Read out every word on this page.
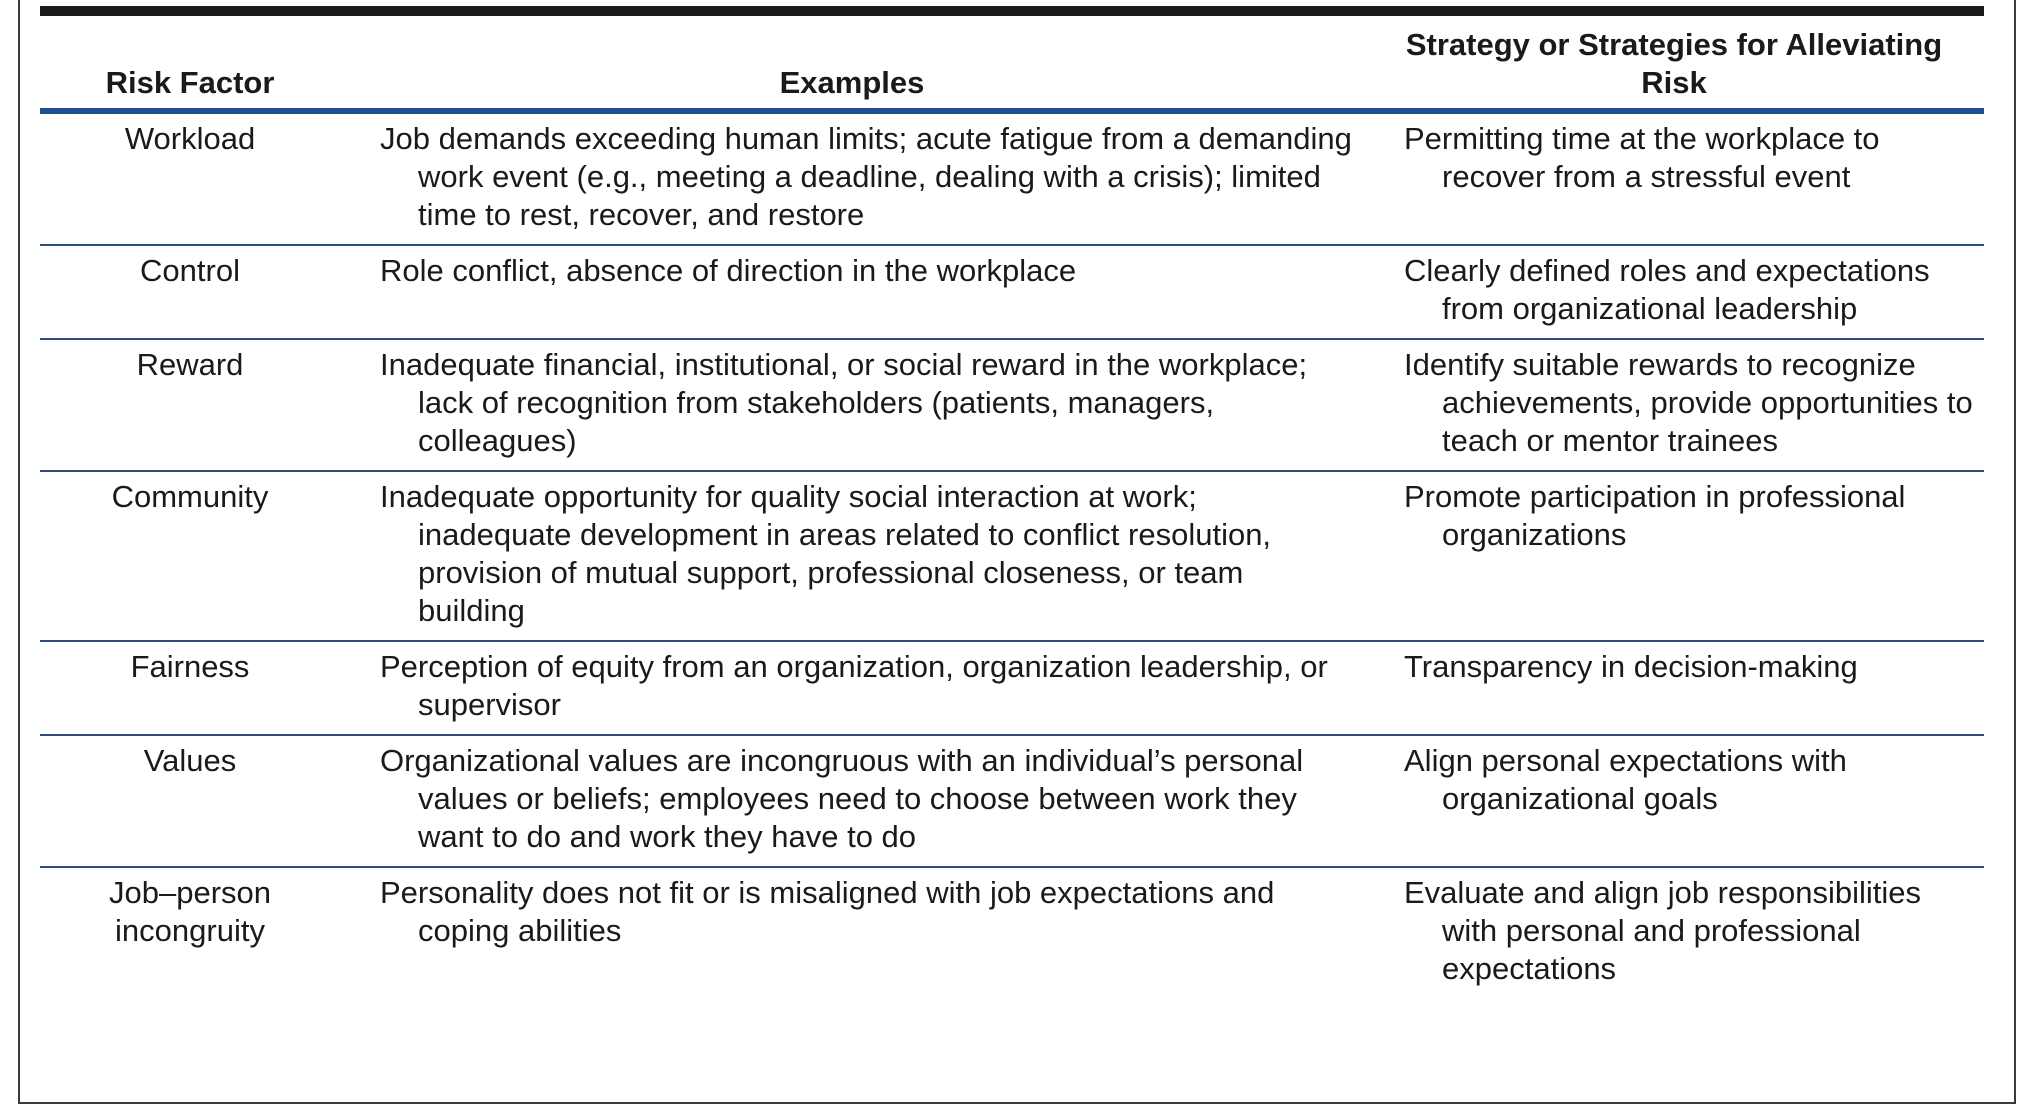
Risk Factor	Examples	Strategy or Strategies for Alleviating Risk
Workload	Job demands exceeding human limits; acute fatigue from a demanding work event (e.g., meeting a deadline, dealing with a crisis); limited time to rest, recover, and restore	Permitting time at the workplace to recover from a stressful event

Control	Role conflict, absence of direction in the workplace	Clearly defined roles and expectations from organizational leadership

Reward	Inadequate financial, institutional, or social reward in the workplace; lack of recognition from stakeholders (patients, managers, colleagues)	Identify suitable rewards to recognize achievements, provide opportunities to teach or mentor trainees

Community	Inadequate opportunity for quality social interaction at work; inadequate development in areas related to conflict resolution, provision of mutual support, professional closeness, or team building	Promote participation in professional organizations

Fairness	Perception of equity from an organization, organization leadership, or supervisor	Transparency in decision-making

Values	Organizational values are incongruous with an individual’s personal values or beliefs; employees need to choose between work they want to do and work they have to do	Align personal expectations with organizational goals

Job–person incongruity	Personality does not fit or is misaligned with job expectations and coping abilities	Evaluate and align job responsibilities with personal and professional expectations
